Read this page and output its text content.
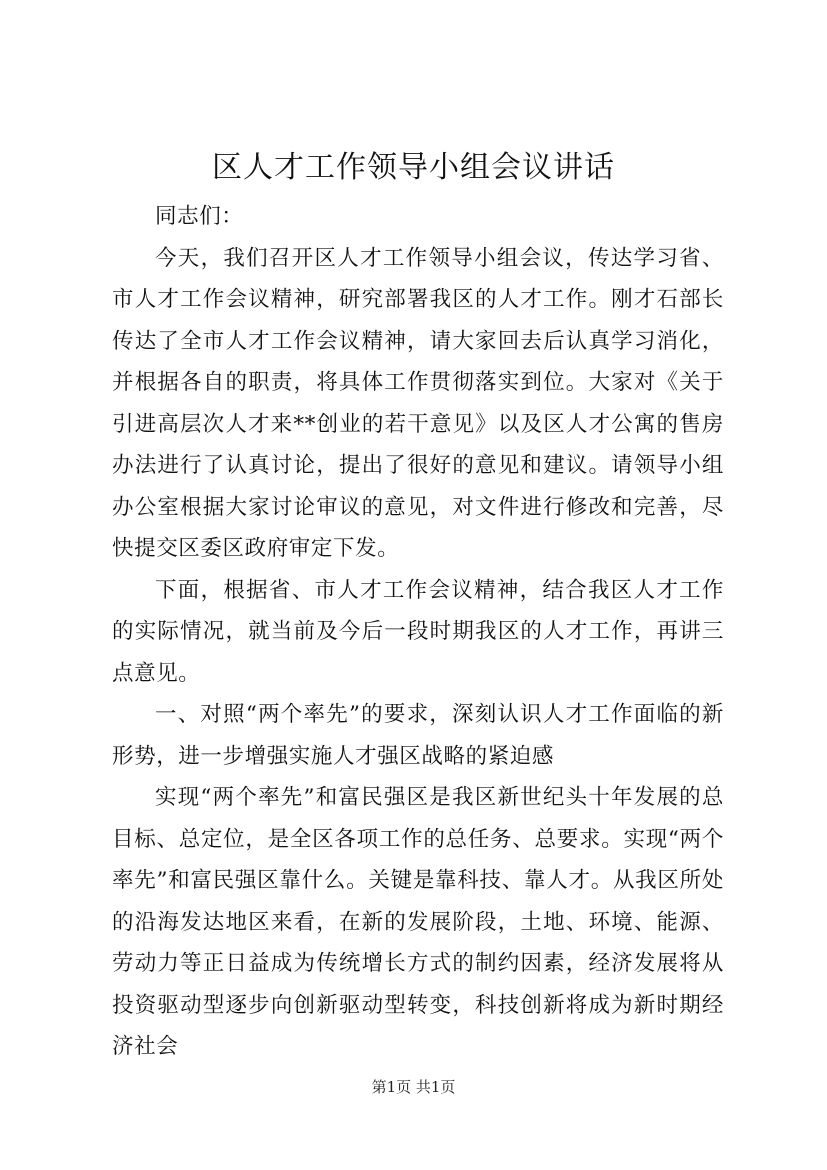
区人才工作领导小组会议讲话

同志们：

今天，我们召开区人才工作领导小组会议，传达学习省、市人才工作会议精神，研究部署我区的人才工作。刚才石部长传达了全市人才工作会议精神，请大家回去后认真学习消化，并根据各自的职责，将具体工作贯彻落实到位。大家对《关于引进高层次人才来**创业的若干意见》以及区人才公寓的售房办法进行了认真讨论，提出了很好的意见和建议。请领导小组办公室根据大家讨论审议的意见，对文件进行修改和完善，尽快提交区委区政府审定下发。

下面，根据省、市人才工作会议精神，结合我区人才工作的实际情况，就当前及今后一段时期我区的人才工作，再讲三点意见。

一、对照“两个率先”的要求，深刻认识人才工作面临的新形势，进一步增强实施人才强区战略的紧迫感

实现“两个率先”和富民强区是我区新世纪头十年发展的总目标、总定位，是全区各项工作的总任务、总要求。实现“两个率先”和富民强区靠什么。关键是靠科技、靠人才。从我区所处的沿海发达地区来看，在新的发展阶段，土地、环境、能源、劳动力等正日益成为传统增长方式的制约因素，经济发展将从投资驱动型逐步向创新驱动型转变，科技创新将成为新时期经济社会

第1页 共1页
